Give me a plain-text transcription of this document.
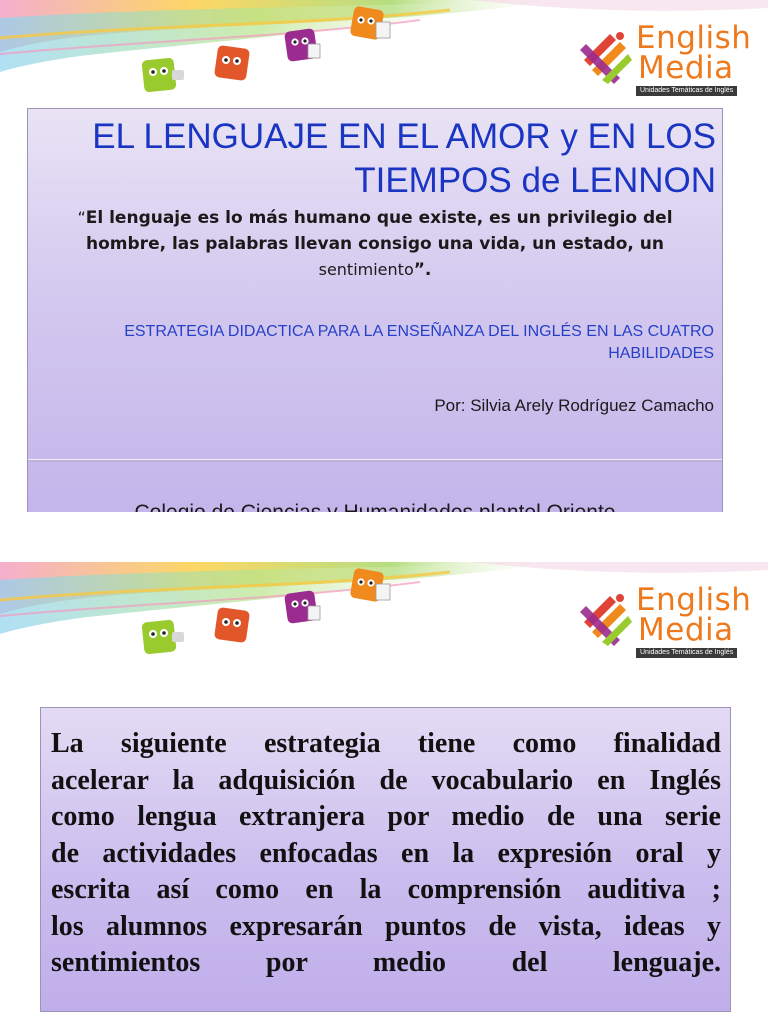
English
Media
Unidades Temáticas de Inglés
EL LENGUAJE EN EL AMOR y EN LOS TIEMPOS de LENNON
“El lenguaje es lo más humano que existe, es un privilegio del hombre, las palabras llevan consigo una vida, un estado, un
sentimiento”.
ESTRATEGIA DIDACTICA PARA LA ENSEÑANZA DEL INGLÉS EN LAS CUATRO HABILIDADES
Por: Silvia Arely Rodríguez Camacho
English
Media
Unidades Temáticas de Inglés
La siguiente estrategia tiene como finalidad
acelerar la adquisición de vocabulario en Inglés
como lengua extranjera por medio de una serie
de actividades enfocadas en la expresión oral y
escrita así como en la comprensión auditiva ;
los alumnos expresarán puntos de vista, ideas y
sentimientos por medio del lenguaje.
